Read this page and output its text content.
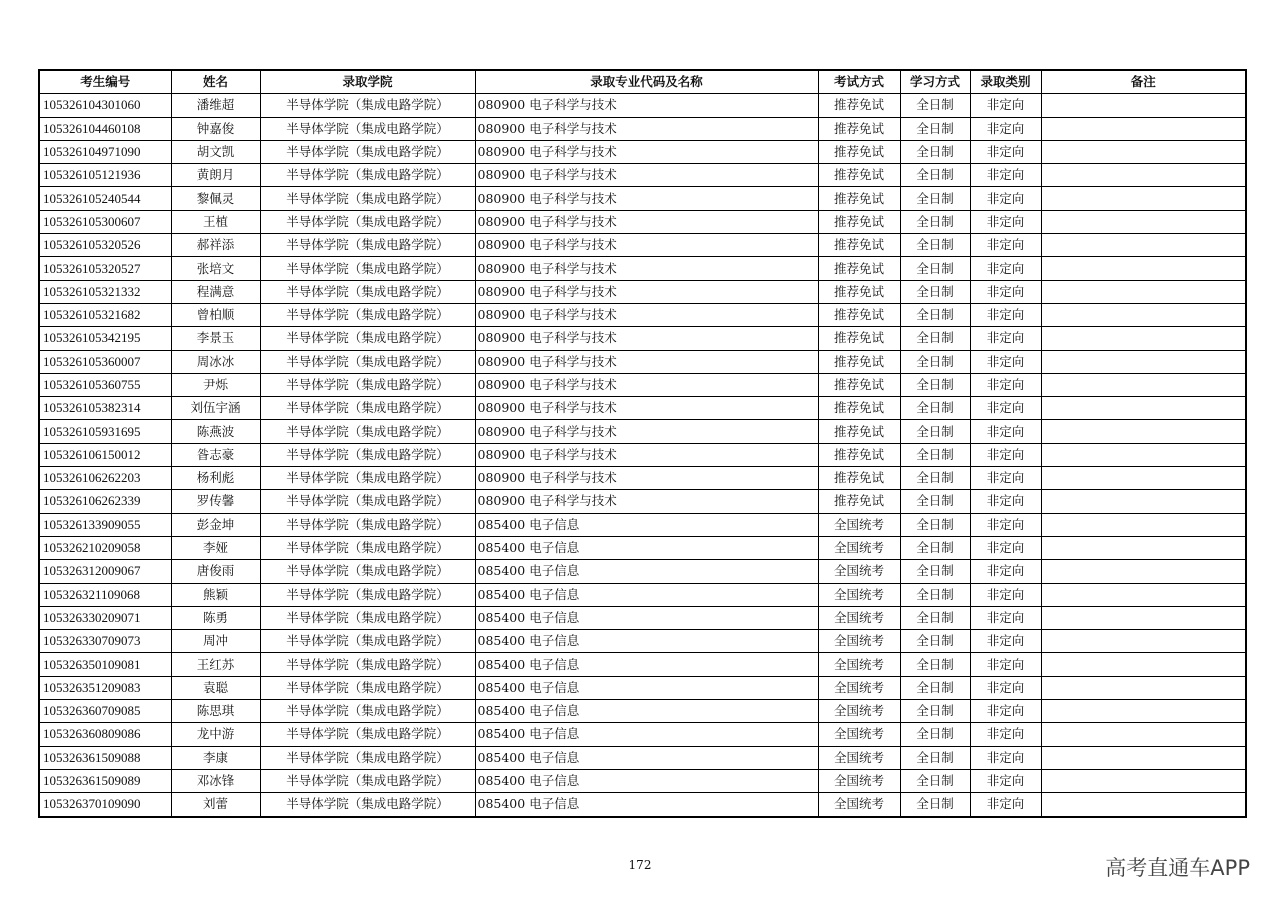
考生编号	姓名	录取学院	录取专业代码及名称	考试方式	学习方式	录取类别	备注
105326104301060	潘维超	半导体学院（集成电路学院）	080900 电子科学与技术	推荐免试	全日制	非定向	
105326104460108	钟嘉俊	半导体学院（集成电路学院）	080900 电子科学与技术	推荐免试	全日制	非定向	
105326104971090	胡文凯	半导体学院（集成电路学院）	080900 电子科学与技术	推荐免试	全日制	非定向	
105326105121936	黄朗月	半导体学院（集成电路学院）	080900 电子科学与技术	推荐免试	全日制	非定向	
105326105240544	黎佩灵	半导体学院（集成电路学院）	080900 电子科学与技术	推荐免试	全日制	非定向	
105326105300607	王植	半导体学院（集成电路学院）	080900 电子科学与技术	推荐免试	全日制	非定向	
105326105320526	郝祥添	半导体学院（集成电路学院）	080900 电子科学与技术	推荐免试	全日制	非定向	
105326105320527	张培文	半导体学院（集成电路学院）	080900 电子科学与技术	推荐免试	全日制	非定向	
105326105321332	程满意	半导体学院（集成电路学院）	080900 电子科学与技术	推荐免试	全日制	非定向	
105326105321682	曾柏顺	半导体学院（集成电路学院）	080900 电子科学与技术	推荐免试	全日制	非定向	
105326105342195	李景玉	半导体学院（集成电路学院）	080900 电子科学与技术	推荐免试	全日制	非定向	
105326105360007	周冰冰	半导体学院（集成电路学院）	080900 电子科学与技术	推荐免试	全日制	非定向	
105326105360755	尹烁	半导体学院（集成电路学院）	080900 电子科学与技术	推荐免试	全日制	非定向	
105326105382314	刘伍宇涵	半导体学院（集成电路学院）	080900 电子科学与技术	推荐免试	全日制	非定向	
105326105931695	陈燕波	半导体学院（集成电路学院）	080900 电子科学与技术	推荐免试	全日制	非定向	
105326106150012	昝志豪	半导体学院（集成电路学院）	080900 电子科学与技术	推荐免试	全日制	非定向	
105326106262203	杨利彪	半导体学院（集成电路学院）	080900 电子科学与技术	推荐免试	全日制	非定向	
105326106262339	罗传馨	半导体学院（集成电路学院）	080900 电子科学与技术	推荐免试	全日制	非定向	
105326133909055	彭金坤	半导体学院（集成电路学院）	085400 电子信息	全国统考	全日制	非定向	
105326210209058	李娅	半导体学院（集成电路学院）	085400 电子信息	全国统考	全日制	非定向	
105326312009067	唐俊雨	半导体学院（集成电路学院）	085400 电子信息	全国统考	全日制	非定向	
105326321109068	熊颖	半导体学院（集成电路学院）	085400 电子信息	全国统考	全日制	非定向	
105326330209071	陈勇	半导体学院（集成电路学院）	085400 电子信息	全国统考	全日制	非定向	
105326330709073	周冲	半导体学院（集成电路学院）	085400 电子信息	全国统考	全日制	非定向	
105326350109081	王红苏	半导体学院（集成电路学院）	085400 电子信息	全国统考	全日制	非定向	
105326351209083	袁聪	半导体学院（集成电路学院）	085400 电子信息	全国统考	全日制	非定向	
105326360709085	陈思琪	半导体学院（集成电路学院）	085400 电子信息	全国统考	全日制	非定向	
105326360809086	龙中游	半导体学院（集成电路学院）	085400 电子信息	全国统考	全日制	非定向	
105326361509088	李康	半导体学院（集成电路学院）	085400 电子信息	全国统考	全日制	非定向	
105326361509089	邓冰锋	半导体学院（集成电路学院）	085400 电子信息	全国统考	全日制	非定向	
105326370109090	刘蕾	半导体学院（集成电路学院）	085400 电子信息	全国统考	全日制	非定向	
172	高考直通车APP
